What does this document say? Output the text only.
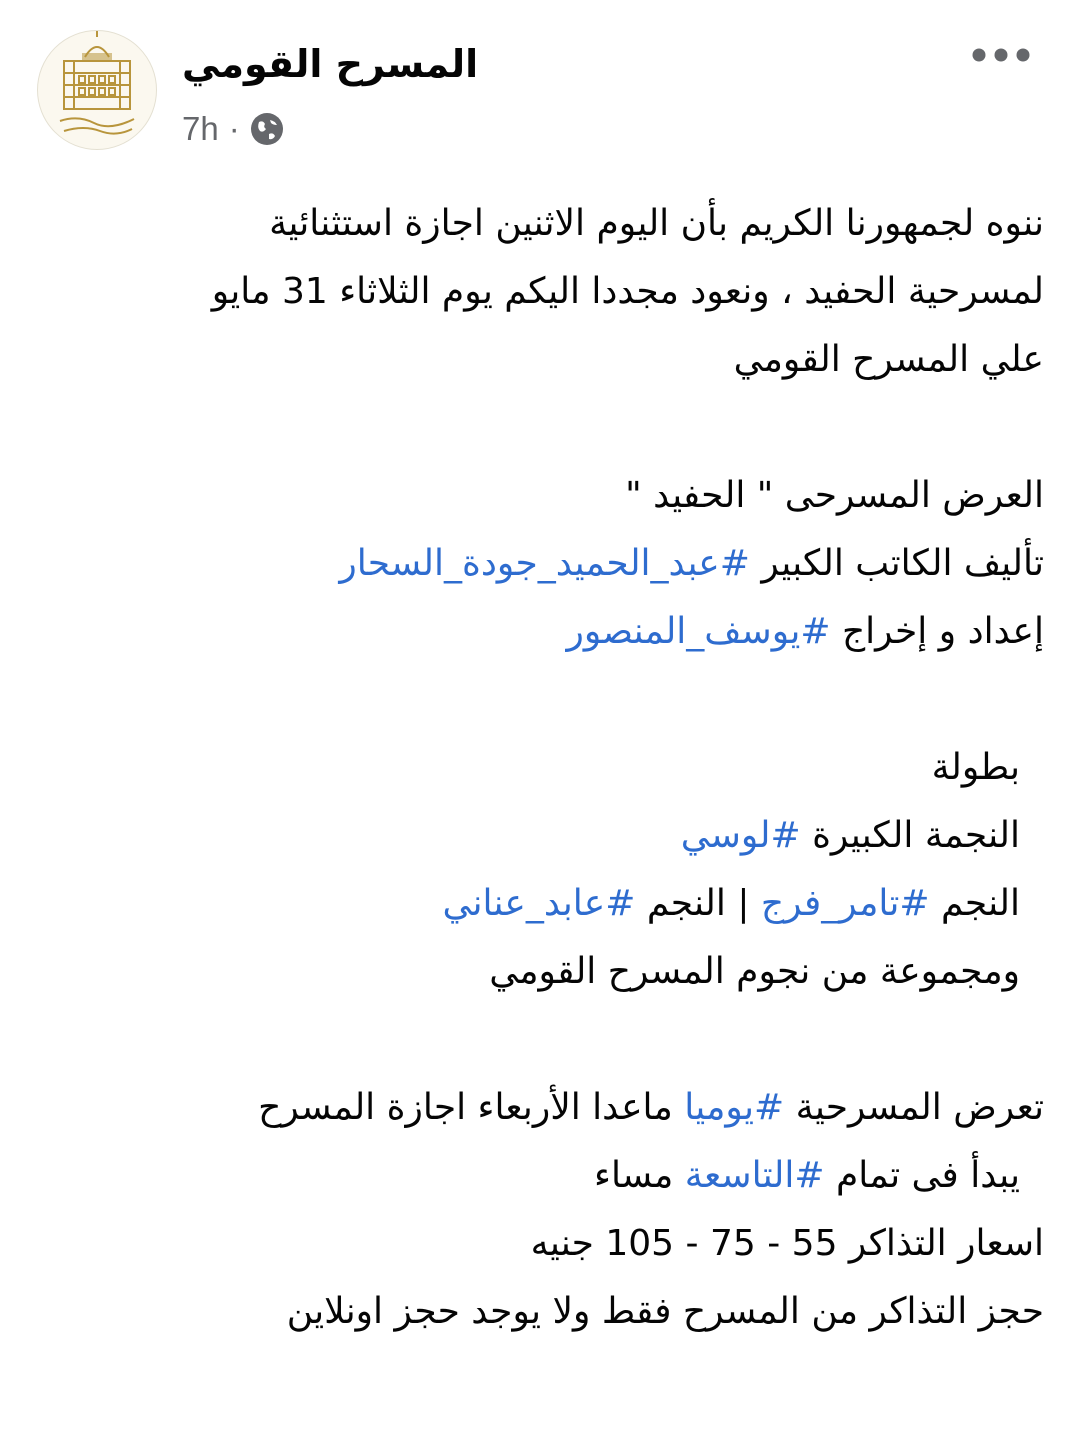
المسرح القومي
7h ·
ننوه لجمهورنا الكريم بأن اليوم الاثنين اجازة استثنائية
لمسرحية الحفيد ، ونعود مجددا اليكم يوم الثلاثاء 31 مايو
علي المسرح القومي
العرض المسرحى " الحفيد "
تأليف الكاتب الكبير #عبد_الحميد_جودة_السحار
إعداد و إخراج #يوسف_المنصور
بطولة
النجمة الكبيرة #لوسي
النجم #تامر_فرج | النجم #عابد_عناني
ومجموعة من نجوم المسرح القومي
تعرض المسرحية #يوميا ماعدا الأربعاء اجازة المسرح
يبدأ فى تمام #التاسعة مساء
اسعار التذاكر 55 - 75 - 105 جنيه
حجز التذاكر من المسرح فقط ولا يوجد حجز اونلاين
